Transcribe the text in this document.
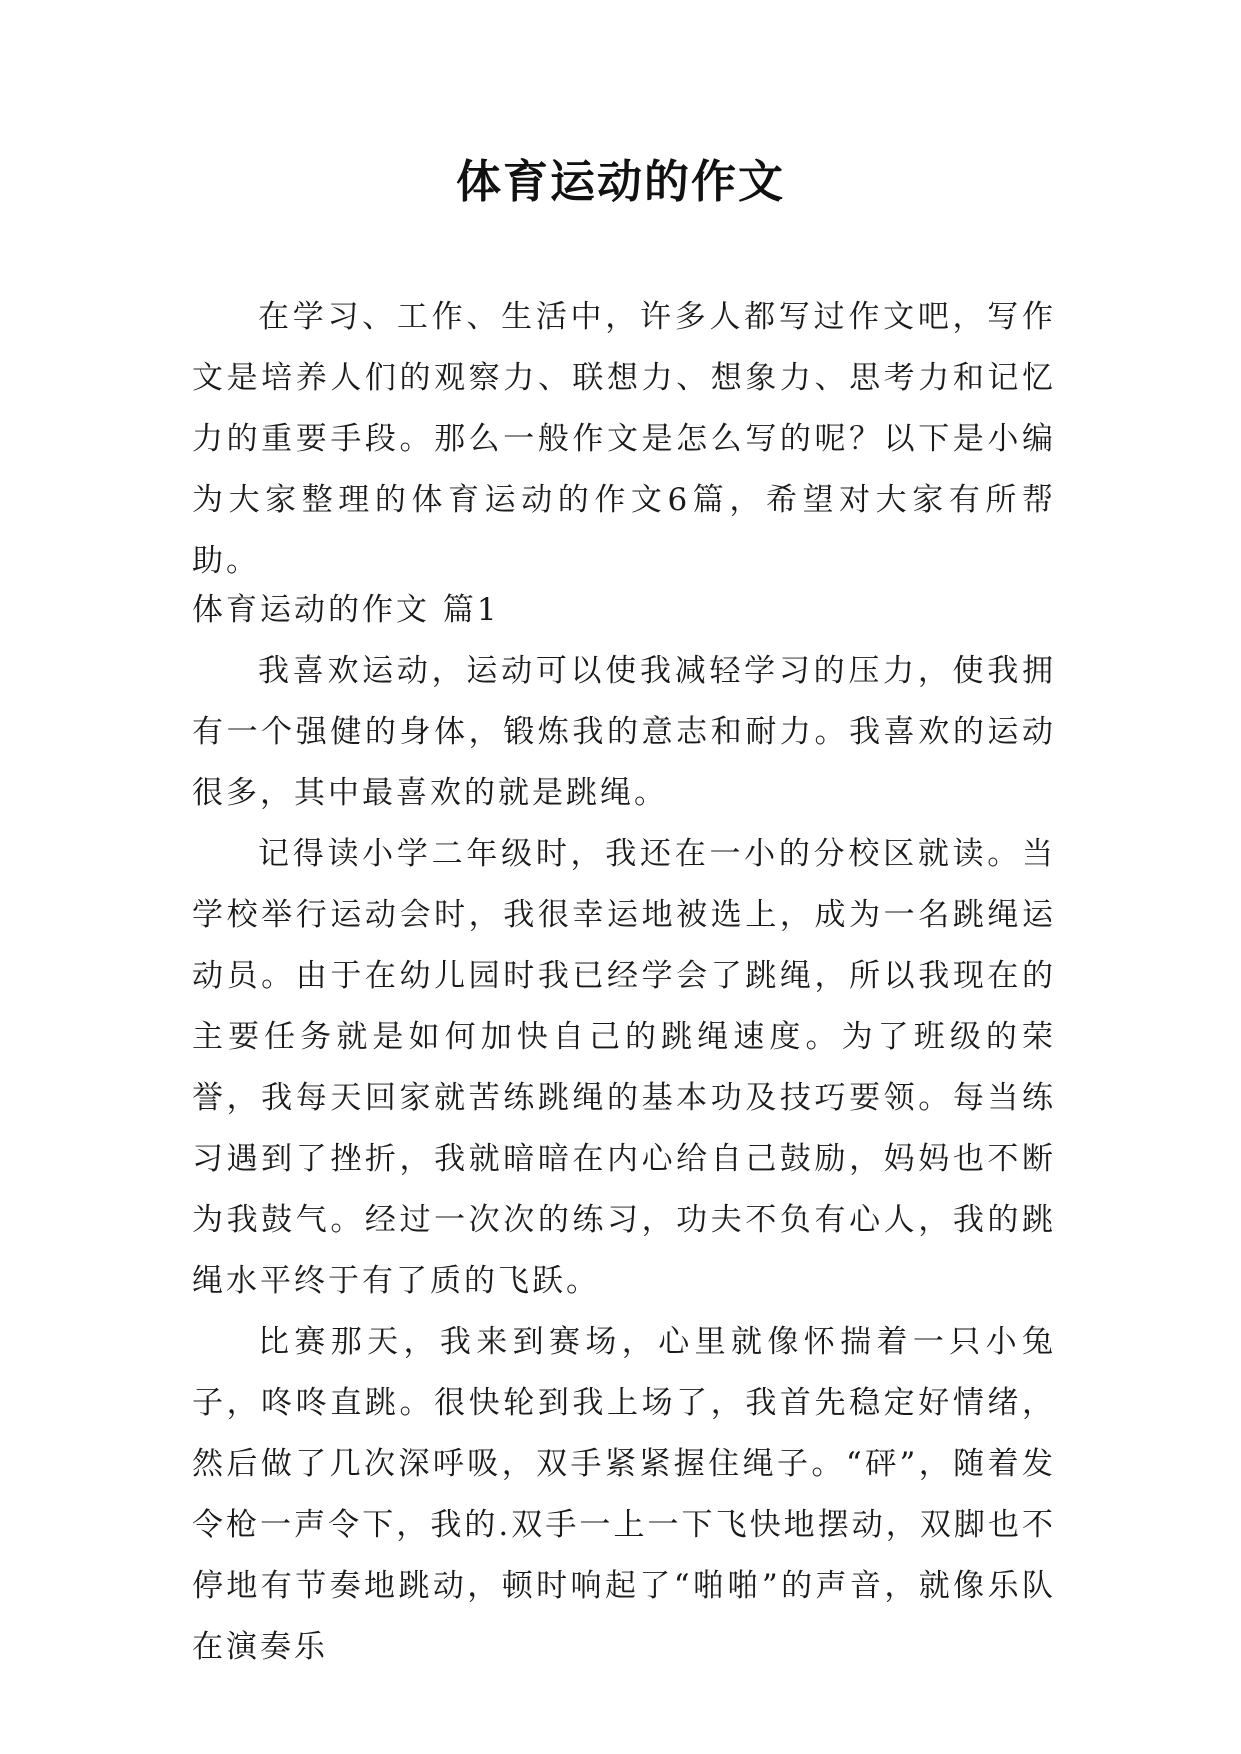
体育运动的作文

在学习、工作、生活中，许多人都写过作文吧，写作文是培养人们的观察力、联想力、想象力、思考力和记忆力的重要手段。那么一般作文是怎么写的呢？以下是小编为大家整理的体育运动的作文6篇，希望对大家有所帮助。

体育运动的作文 篇1

我喜欢运动，运动可以使我减轻学习的压力，使我拥有一个强健的身体，锻炼我的意志和耐力。我喜欢的运动很多，其中最喜欢的就是跳绳。

记得读小学二年级时，我还在一小的分校区就读。当学校举行运动会时，我很幸运地被选上，成为一名跳绳运动员。由于在幼儿园时我已经学会了跳绳，所以我现在的主要任务就是如何加快自己的跳绳速度。为了班级的荣誉，我每天回家就苦练跳绳的基本功及技巧要领。每当练习遇到了挫折，我就暗暗在内心给自己鼓励，妈妈也不断为我鼓气。经过一次次的练习，功夫不负有心人，我的跳绳水平终于有了质的飞跃。

比赛那天，我来到赛场，心里就像怀揣着一只小兔子，咚咚直跳。很快轮到我上场了，我首先稳定好情绪，然后做了几次深呼吸，双手紧紧握住绳子。“砰”，随着发令枪一声令下，我的.双手一上一下飞快地摆动，双脚也不停地有节奏地跳动，顿时响起了“啪啪”的声音，就像乐队在演奏乐
